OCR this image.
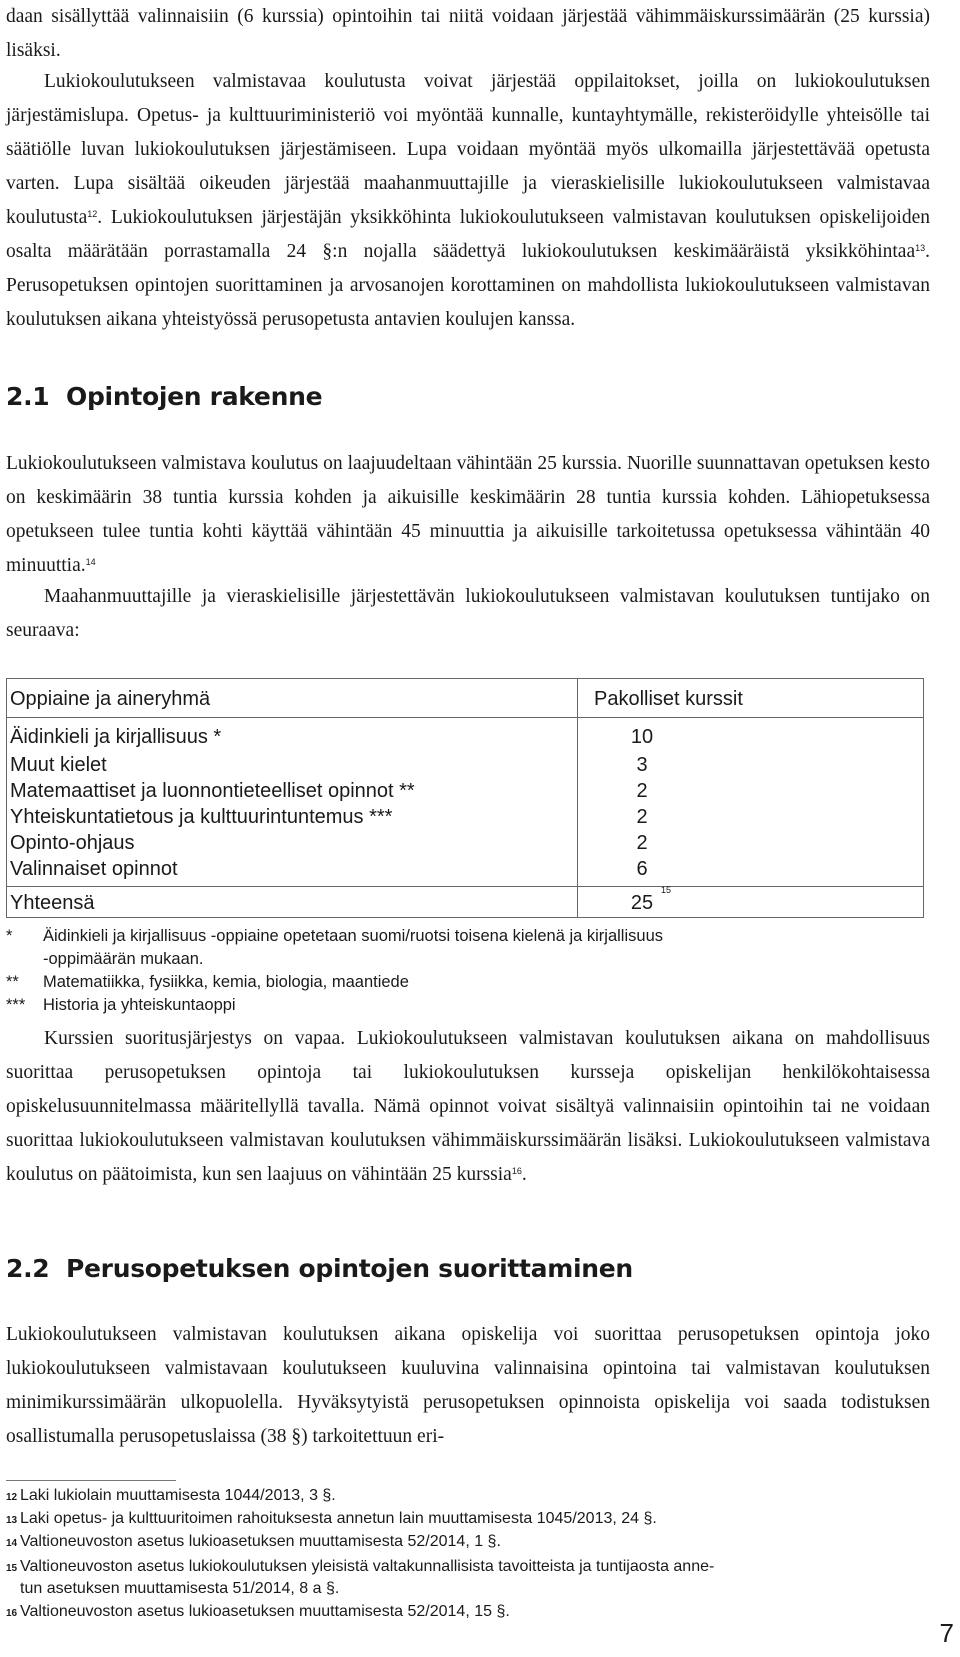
daan sisällyttää valinnaisiin (6 kurssia) opintoihin tai niitä voidaan järjestää vähimmäiskurssimäärän (25 kurssia) lisäksi.

Lukiokoulutukseen valmistavaa koulutusta voivat järjestää oppilaitokset, joilla on lukiokoulutuksen järjestämislupa. Opetus- ja kulttuuriministeriö voi myöntää kunnalle, kuntayhtymälle, rekisteröidylle yhteisölle tai säätiölle luvan lukiokoulutuksen järjestämiseen. Lupa voidaan myöntää myös ulkomailla järjestettävää opetusta varten. Lupa sisältää oikeuden järjestää maahanmuuttajille ja vieraskielisille lukiokoulutukseen valmistavaa koulutusta$^{12}$. Lukiokoulutuksen järjestäjän yksikköhinta lukiokoulutukseen valmistavan koulutuksen opiskelijoiden osalta määrätään porrastamalla 24 §:n nojalla säädettyä lukiokoulutuksen keskimääräistä yksikköhintaa$^{13}$. Perusopetuksen opintojen suorittaminen ja arvosanojen korottaminen on mahdollista lukiokoulutukseen valmistavan koulutuksen aikana yhteistyössä perusopetusta antavien koulujen kanssa.

2.1 Opintojen rakenne

Lukiokoulutukseen valmistava koulutus on laajuudeltaan vähintään 25 kurssia. Nuorille suunnattavan opetuksen kesto on keskimäärin 38 tuntia kurssia kohden ja aikuisille keskimäärin 28 tuntia kurssia kohden. Lähiopetuksessa opetukseen tulee tuntia kohti käyttää vähintään 45 minuuttia ja aikuisille tarkoitetussa opetuksessa vähintään 40 minuuttia.$^{14}$

Maahanmuuttajille ja vieraskielisille järjestettävän lukiokoulutukseen valmistavan koulutuksen tuntijako on seuraava:

Oppiaine ja aineryhmä	Pakolliset kurssit
Äidinkieli ja kirjallisuus *	10
Muut kielet	3
Matemaattiset ja luonnontieteelliset opinnot **	2
Yhteiskuntatietous ja kulttuurintuntemus ***	2
Opinto-ohjaus	2
Valinnaiset opinnot	6
Yhteensä	25
15
* Äidinkieli ja kirjallisuus -oppiaine opetetaan suomi/ruotsi toisena kielenä ja kirjallisuus
-oppimäärän mukaan.
** Matematiikka, fysiikka, kemia, biologia, maantiede
*** Historia ja yhteiskuntaoppi

Kurssien suoritusjärjestys on vapaa. Lukiokoulutukseen valmistavan koulutuksen aikana on mahdollisuus suorittaa perusopetuksen opintoja tai lukiokoulutuksen kursseja opiskelijan henkilökohtaisessa opiskelusuunnitelmassa määritellyllä tavalla. Nämä opinnot voivat sisältyä valinnaisiin opintoihin tai ne voidaan suorittaa lukiokoulutukseen valmistavan koulutuksen vähimmäiskurssimäärän lisäksi. Lukiokoulutukseen valmistava koulutus on päätoimista, kun sen laajuus on vähintään 25 kurssia$^{16}$.

2.2 Perusopetuksen opintojen suorittaminen

Lukiokoulutukseen valmistavan koulutuksen aikana opiskelija voi suorittaa perusopetuksen opintoja joko lukiokoulutukseen valmistavaan koulutukseen kuuluvina valinnaisina opintoina tai valmistavan koulutuksen minimikurssimäärän ulkopuolella. Hyväksytyistä perusopetuksen opinnoista opiskelija voi saada todistuksen osallistumalla perusopetuslaissa (38 §) tarkoitettuun eri-

12 Laki lukiolain muuttamisesta 1044/2013, 3 §.
13 Laki opetus- ja kulttuuritoimen rahoituksesta annetun lain muuttamisesta 1045/2013, 24 §.
14 Valtioneuvoston asetus lukioasetuksen muuttamisesta 52/2014, 1 §.
15 Valtioneuvoston asetus lukiokoulutuksen yleisistä valtakunnallisista tavoitteista ja tuntijaosta anne-
tun asetuksen muuttamisesta 51/2014, 8 a §.
16 Valtioneuvoston asetus lukioasetuksen muuttamisesta 52/2014, 15 §.
7
